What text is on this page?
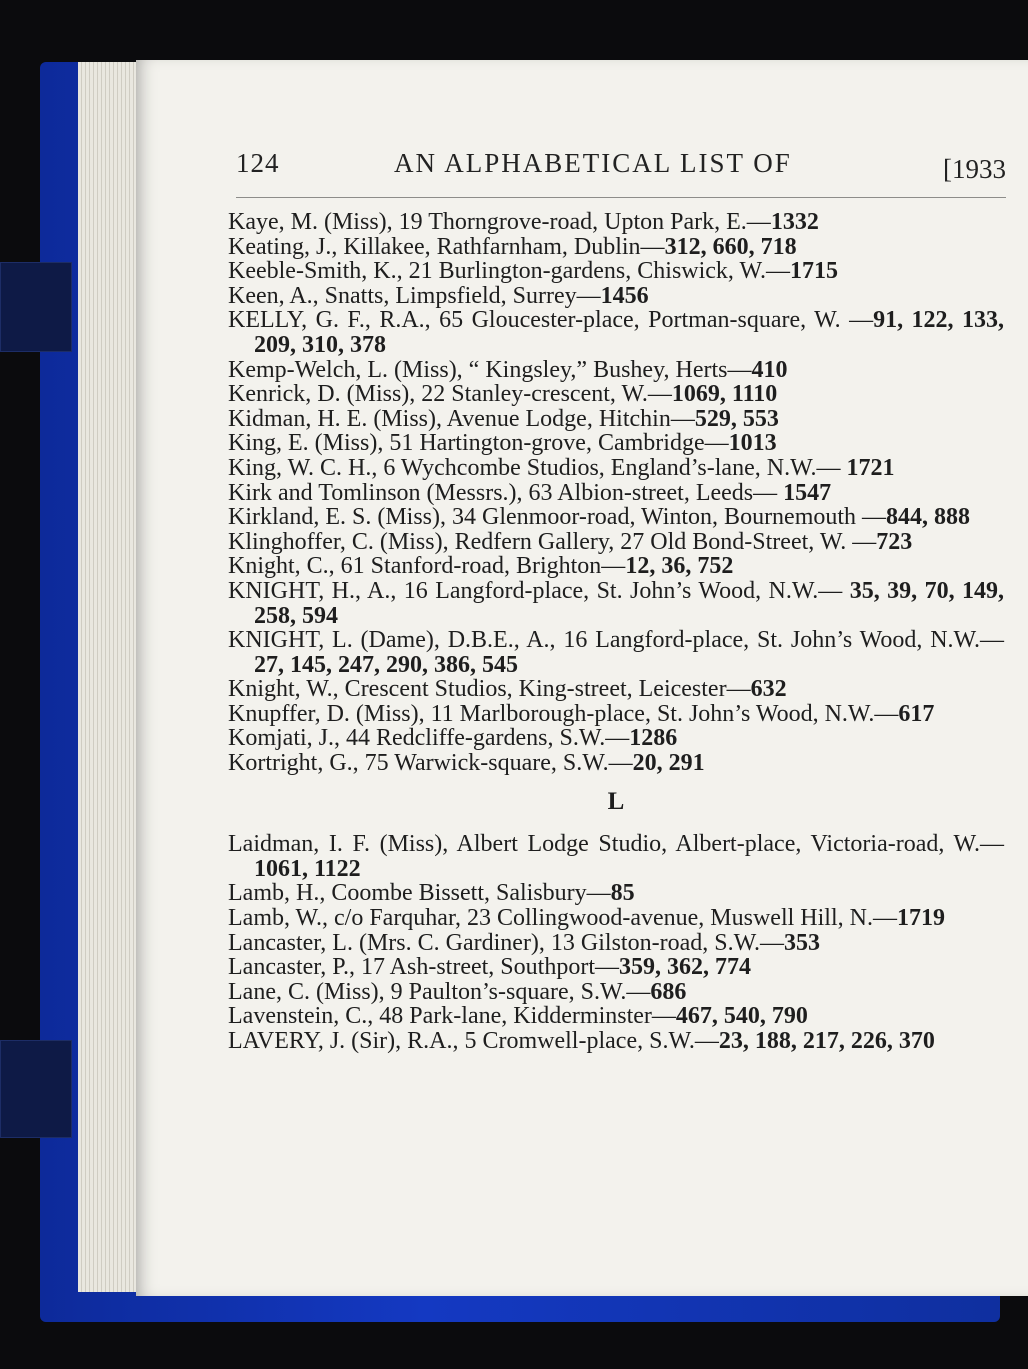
124	AN ALPHABETICAL LIST OF	[1933
Kaye, M. (Miss), 19 Thorngrove-road, Upton Park, E.—1332
Keating, J., Killakee, Rathfarnham, Dublin—312, 660, 718
Keeble-Smith, K., 21 Burlington-gardens, Chiswick, W.—1715
Keen, A., Snatts, Limpsfield, Surrey—1456
KELLY, G. F., R.A., 65 Gloucester-place, Portman-square, W. —91, 122, 133, 209, 310, 378
Kemp-Welch, L. (Miss), “ Kingsley,” Bushey, Herts—410
Kenrick, D. (Miss), 22 Stanley-crescent, W.—1069, 1110
Kidman, H. E. (Miss), Avenue Lodge, Hitchin—529, 553
King, E. (Miss), 51 Hartington-grove, Cambridge—1013
King, W. C. H., 6 Wychcombe Studios, England’s-lane, N.W.— 1721
Kirk and Tomlinson (Messrs.), 63 Albion-street, Leeds— 1547
Kirkland, E. S. (Miss), 34 Glenmoor-road, Winton, Bournemouth —844, 888
Klinghoffer, C. (Miss), Redfern Gallery, 27 Old Bond-Street, W. —723
Knight, C., 61 Stanford-road, Brighton—12, 36, 752
KNIGHT, H., A., 16 Langford-place, St. John’s Wood, N.W.— 35, 39, 70, 149, 258, 594
KNIGHT, L. (Dame), D.B.E., A., 16 Langford-place, St. John’s Wood, N.W.—27, 145, 247, 290, 386, 545
Knight, W., Crescent Studios, King-street, Leicester—632
Knupffer, D. (Miss), 11 Marlborough-place, St. John’s Wood, N.W.—617
Komjati, J., 44 Redcliffe-gardens, S.W.—1286
Kortright, G., 75 Warwick-square, S.W.—20, 291
L
Laidman, I. F. (Miss), Albert Lodge Studio, Albert-place, Victoria-road, W.—1061, 1122
Lamb, H., Coombe Bissett, Salisbury—85
Lamb, W., c/o Farquhar, 23 Collingwood-avenue, Muswell Hill, N.—1719
Lancaster, L. (Mrs. C. Gardiner), 13 Gilston-road, S.W.—353
Lancaster, P., 17 Ash-street, Southport—359, 362, 774
Lane, C. (Miss), 9 Paulton’s-square, S.W.—686
Lavenstein, C., 48 Park-lane, Kidderminster—467, 540, 790
LAVERY, J. (Sir), R.A., 5 Cromwell-place, S.W.—23, 188, 217, 226, 370
